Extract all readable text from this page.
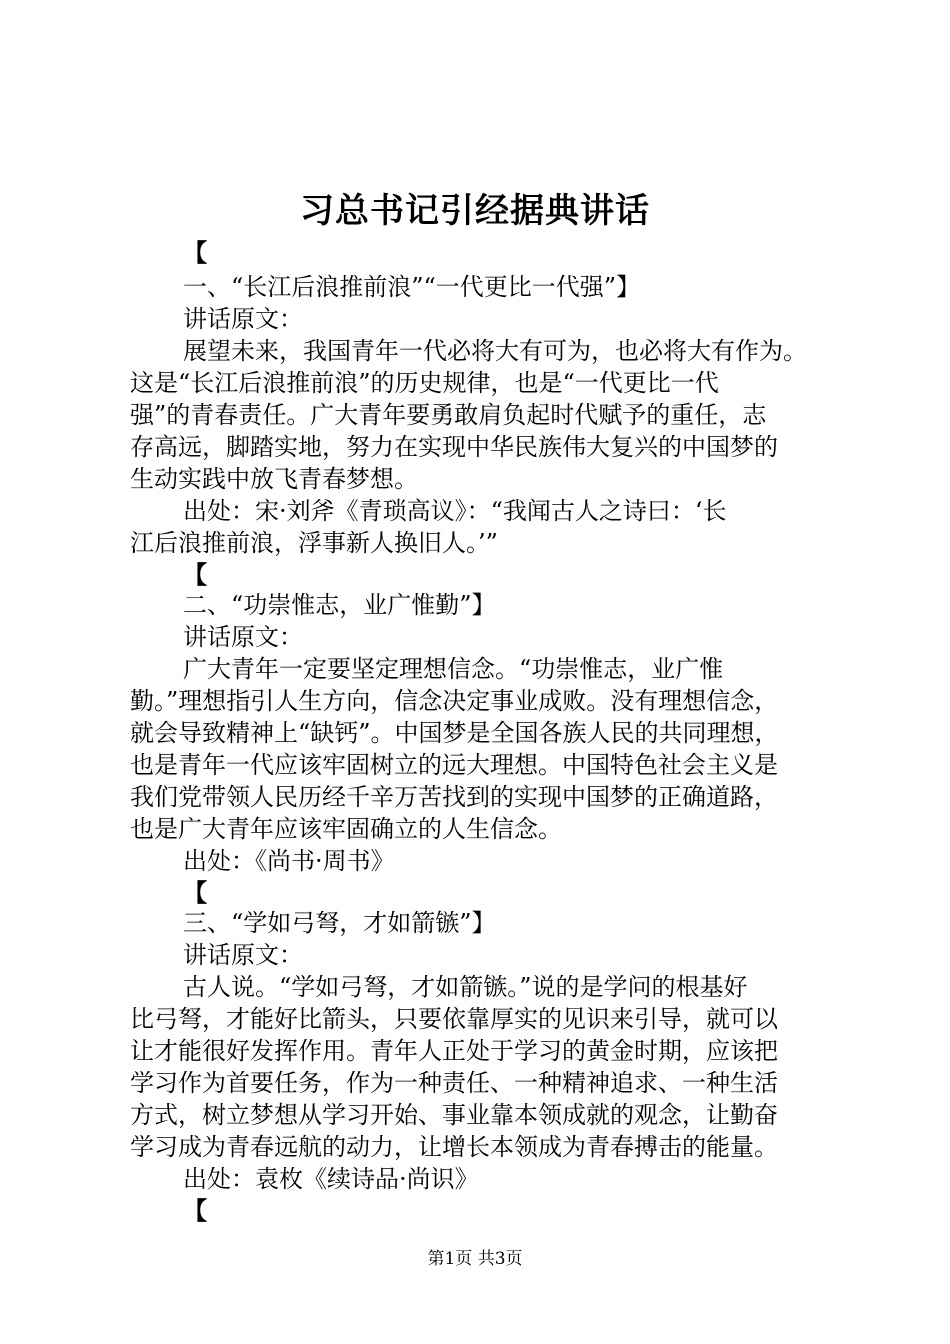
习总书记引经据典讲话
【
一、“长江后浪推前浪”“一代更比一代强”】
讲话原文：
展望未来，我国青年一代必将大有可为，也必将大有作为。
这是“长江后浪推前浪”的历史规律，也是“一代更比一代
强”的青春责任。广大青年要勇敢肩负起时代赋予的重任，志
存高远，脚踏实地，努力在实现中华民族伟大复兴的中国梦的
生动实践中放飞青春梦想。
出处：宋·刘斧《青琐高议》：“我闻古人之诗曰：‘长
江后浪推前浪，浮事新人换旧人。’”
【
二、“功崇惟志，业广惟勤”】
讲话原文：
广大青年一定要坚定理想信念。“功崇惟志，业广惟
勤。”理想指引人生方向，信念决定事业成败。没有理想信念，
就会导致精神上“缺钙”。中国梦是全国各族人民的共同理想，
也是青年一代应该牢固树立的远大理想。中国特色社会主义是
我们党带领人民历经千辛万苦找到的实现中国梦的正确道路，
也是广大青年应该牢固确立的人生信念。
出处：《尚书·周书》
【
三、“学如弓弩，才如箭镞”】
讲话原文：
古人说。“学如弓弩，才如箭镞。”说的是学问的根基好
比弓弩，才能好比箭头，只要依靠厚实的见识来引导，就可以
让才能很好发挥作用。青年人正处于学习的黄金时期，应该把
学习作为首要任务，作为一种责任、一种精神追求、一种生活
方式，树立梦想从学习开始、事业靠本领成就的观念，让勤奋
学习成为青春远航的动力，让增长本领成为青春搏击的能量。
出处：袁枚《续诗品·尚识》
【
第1页 共3页
